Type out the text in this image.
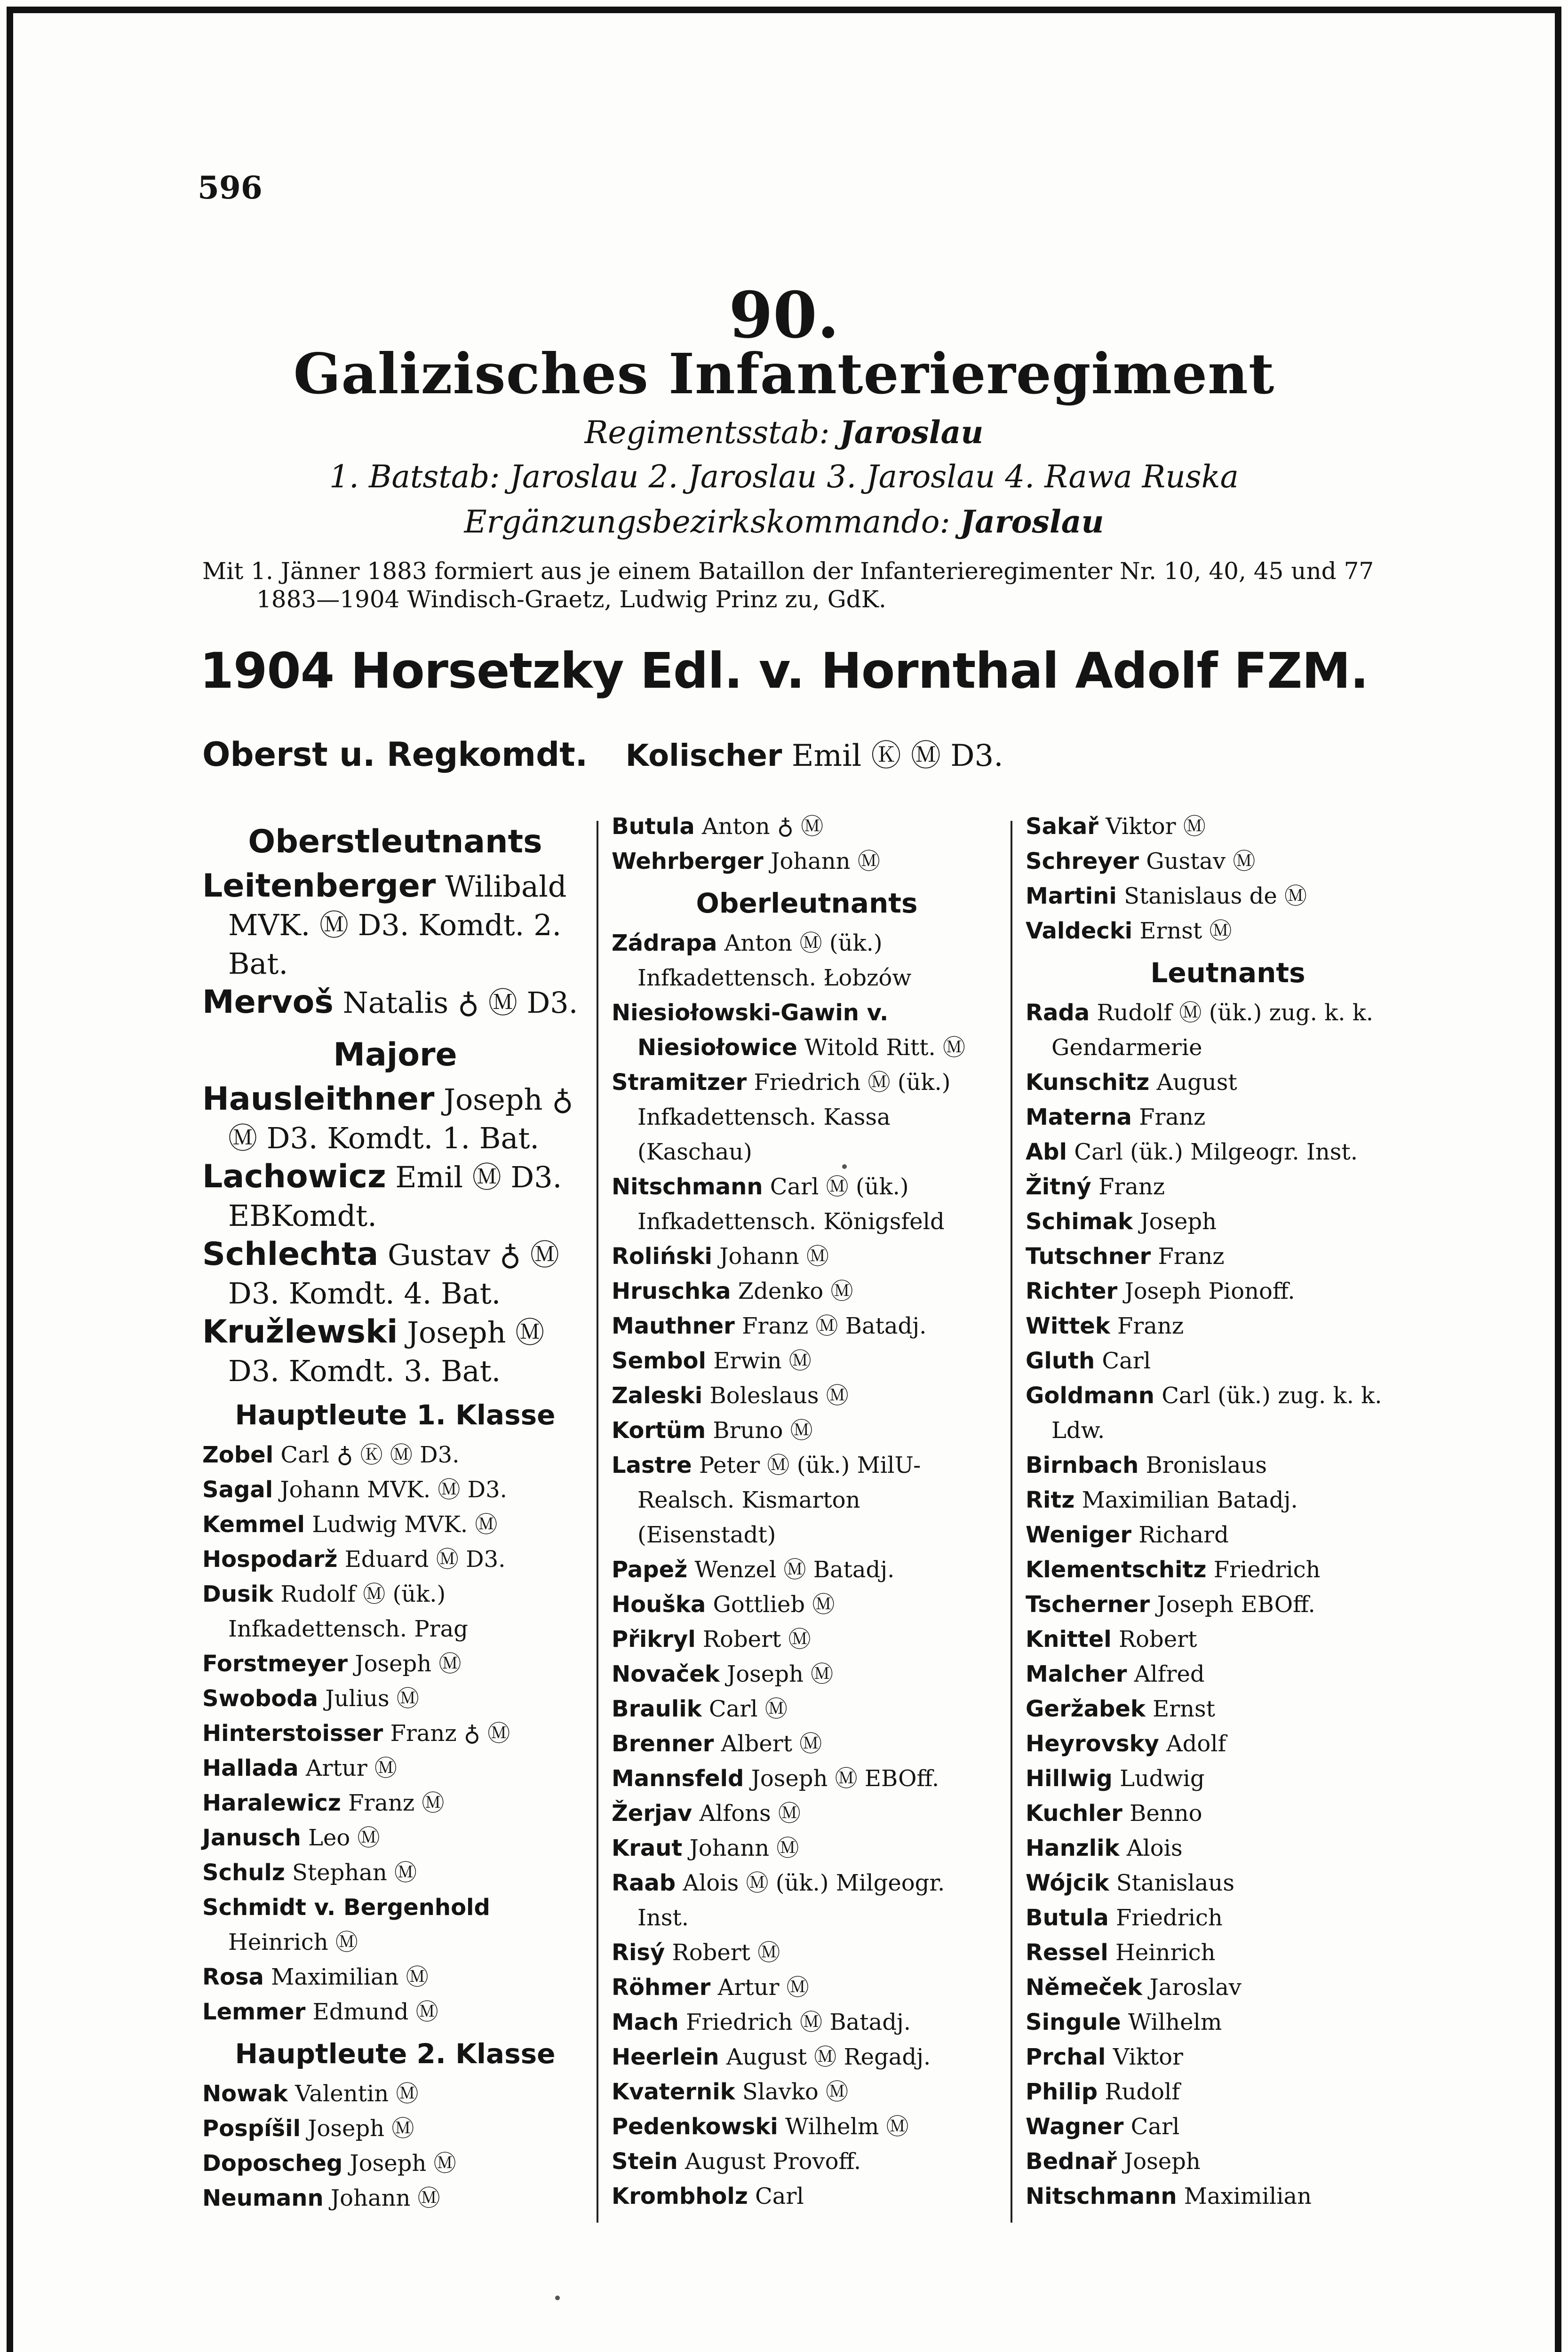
596
90.
Galizisches Infanterieregiment
Regimentsstab: Jaroslau
1. Batstab: Jaroslau 2. Jaroslau 3. Jaroslau 4. Rawa Ruska
Ergänzungsbezirkskommando: Jaroslau
Mit 1. Jänner 1883 formiert aus je einem Bataillon der Infanterieregimenter Nr. 10, 40, 45 und 77
1883—1904 Windisch-Graetz, Ludwig Prinz zu, GdK.
1904 Horsetzky Edl. v. Hornthal Adolf FZM.
Oberst u. Regkomdt. Kolischer Emil Ⓚ Ⓜ D3.
Oberstleutnants
Leitenberger Wilibald MVK. Ⓜ D3. Komdt. 2. Bat.
Mervoš Natalis ♁ Ⓜ D3.
Majore
Hausleithner Joseph ♁ Ⓜ D3. Komdt. 1. Bat.
Lachowicz Emil Ⓜ D3. EBKomdt.
Schlechta Gustav ♁ Ⓜ D3. Komdt. 4. Bat.
Kružlewski Joseph Ⓜ D3. Komdt. 3. Bat.
Hauptleute 1. Klasse
Zobel Carl ♁ Ⓚ Ⓜ D3.
Sagal Johann MVK. Ⓜ D3.
Kemmel Ludwig MVK. Ⓜ
Hospodarž Eduard Ⓜ D3.
Dusik Rudolf Ⓜ (ük.) Infkadettensch. Prag
Forstmeyer Joseph Ⓜ
Swoboda Julius Ⓜ
Hinterstoisser Franz ♁ Ⓜ
Hallada Artur Ⓜ
Haralewicz Franz Ⓜ
Janusch Leo Ⓜ
Schulz Stephan Ⓜ
Schmidt v. Bergenhold Heinrich Ⓜ
Rosa Maximilian Ⓜ
Lemmer Edmund Ⓜ
Hauptleute 2. Klasse
Nowak Valentin Ⓜ
Pospíšil Joseph Ⓜ
Doposcheg Joseph Ⓜ
Neumann Johann Ⓜ
Butula Anton ♁ Ⓜ
Wehrberger Johann Ⓜ
Oberleutnants
Zádrapa Anton Ⓜ (ük.) Infkadettensch. Łobzów
Niesiołowski-Gawin v. Niesiołowice Witold Ritt. Ⓜ
Stramitzer Friedrich Ⓜ (ük.) Infkadettensch. Kassa (Kaschau)
Nitschmann Carl Ⓜ (ük.) Infkadettensch. Königsfeld
Roliński Johann Ⓜ
Hruschka Zdenko Ⓜ
Mauthner Franz Ⓜ Batadj.
Sembol Erwin Ⓜ
Zaleski Boleslaus Ⓜ
Kortüm Bruno Ⓜ
Lastre Peter Ⓜ (ük.) MilU-Realsch. Kismarton (Eisenstadt)
Papež Wenzel Ⓜ Batadj.
Houška Gottlieb Ⓜ
Přikryl Robert Ⓜ
Novaček Joseph Ⓜ
Braulik Carl Ⓜ
Brenner Albert Ⓜ
Mannsfeld Joseph Ⓜ EBOff.
Žerjav Alfons Ⓜ
Kraut Johann Ⓜ
Raab Alois Ⓜ (ük.) Milgeogr. Inst.
Risý Robert Ⓜ
Röhmer Artur Ⓜ
Mach Friedrich Ⓜ Batadj.
Heerlein August Ⓜ Regadj.
Kvaternik Slavko Ⓜ
Pedenkowski Wilhelm Ⓜ
Stein August Provoff.
Krombholz Carl
Sakař Viktor Ⓜ
Schreyer Gustav Ⓜ
Martini Stanislaus de Ⓜ
Valdecki Ernst Ⓜ
Leutnants
Rada Rudolf Ⓜ (ük.) zug. k. k. Gendarmerie
Kunschitz August
Materna Franz
Abl Carl (ük.) Milgeogr. Inst.
Žitný Franz
Schimak Joseph
Tutschner Franz
Richter Joseph Pionoff.
Wittek Franz
Gluth Carl
Goldmann Carl (ük.) zug. k. k. Ldw.
Birnbach Bronislaus
Ritz Maximilian Batadj.
Weniger Richard
Klementschitz Friedrich
Tscherner Joseph EBOff.
Knittel Robert
Malcher Alfred
Geržabek Ernst
Heyrovsky Adolf
Hillwig Ludwig
Kuchler Benno
Hanzlik Alois
Wójcik Stanislaus
Butula Friedrich
Ressel Heinrich
Němeček Jaroslav
Singule Wilhelm
Prchal Viktor
Philip Rudolf
Wagner Carl
Bednař Joseph
Nitschmann Maximilian
